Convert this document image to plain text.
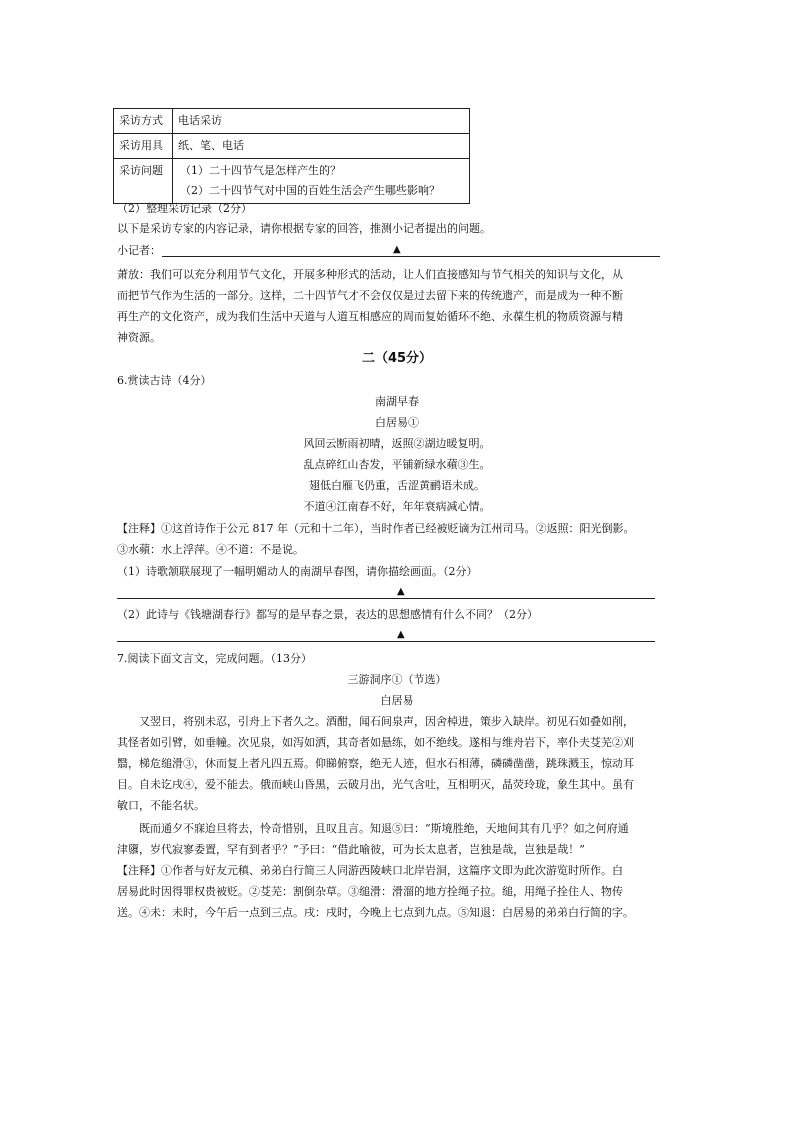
采访方式	电话采访
采访用具	纸、笔、电话
采访问题	（1）二十四节气是怎样产生的？
（2）二十四节气对中国的百姓生活会产生哪些影响？
（2）整理采访记录（2分）
以下是采访专家的内容记录，请你根据专家的回答，推测小记者提出的问题。
小记者：	▲
萧放：我们可以充分利用节气文化，开展多种形式的活动，让人们直接感知与节气相关的知识与文化，从
而把节气作为生活的一部分。这样，二十四节气才不会仅仅是过去留下来的传统遗产，而是成为一种不断
再生产的文化资产，成为我们生活中天道与人道互相感应的周而复始循环不绝、永葆生机的物质资源与精
神资源。
二（45分）
6.赏读古诗（4分）
南湖早春
白居易①
风回云断雨初晴，返照②湖边暖复明。
乱点碎红山杏发，平铺新绿水蘋③生。
翅低白雁飞仍重，舌涩黄鹂语未成。
不道④江南春不好，年年衰病减心情。
【注释】①这首诗作于公元 817 年（元和十二年），当时作者已经被贬谪为江州司马。②返照：阳光倒影。
③水蘋：水上浮萍。④不道：不是说。
（1）诗歌颔联展现了一幅明媚动人的南湖早春图，请你描绘画面。（2分）
▲
（2）此诗与《钱塘湖春行》都写的是早春之景，表达的思想感情有什么不同？（2分）
▲
7.阅读下面文言文，完成问题。（13分）
三游洞序①（节选）
白居易
又翌日，将别未忍，引舟上下者久之。酒酣，闻石间泉声，因舍棹进，策步入缺岸。初见石如叠如削，
其怪者如引臂，如垂幢。次见泉，如泻如洒，其奇者如悬练，如不绝线。遂相与维舟岩下，率仆夫芟芜②刈
翳，梯危缒滑③，休而复上者凡四五焉。仰睇俯察，绝无人迹，但水石相薄，磷磷凿凿，跳珠溅玉，惊动耳
目。自未讫戌④，爱不能去。俄而峡山昏黑，云破月出，光气含吐，互相明灭，晶荧玲珑，象生其中。虽有
敏口，不能名状。
既而通夕不寐迨旦将去，怜奇惜别，且叹且言。知退⑤曰：“斯境胜绝，天地间其有几乎？如之何府通
津隳，岁代寂寥委置，罕有到者乎？”予曰：“借此喻彼，可为长太息者，岂独是哉，岂独是哉！”
【注释】①作者与好友元稹、弟弟白行简三人同游西陵峡口北岸岩洞，这篇序文即为此次游览时所作。白
居易此时因得罪权贵被贬。②芟芜：割倒杂草。③缒滑：滑溜的地方拴绳子拉。缒，用绳子拴住人、物传
送。④未：未时，今午后一点到三点。戌：戌时，今晚上七点到九点。⑤知退：白居易的弟弟白行简的字。
